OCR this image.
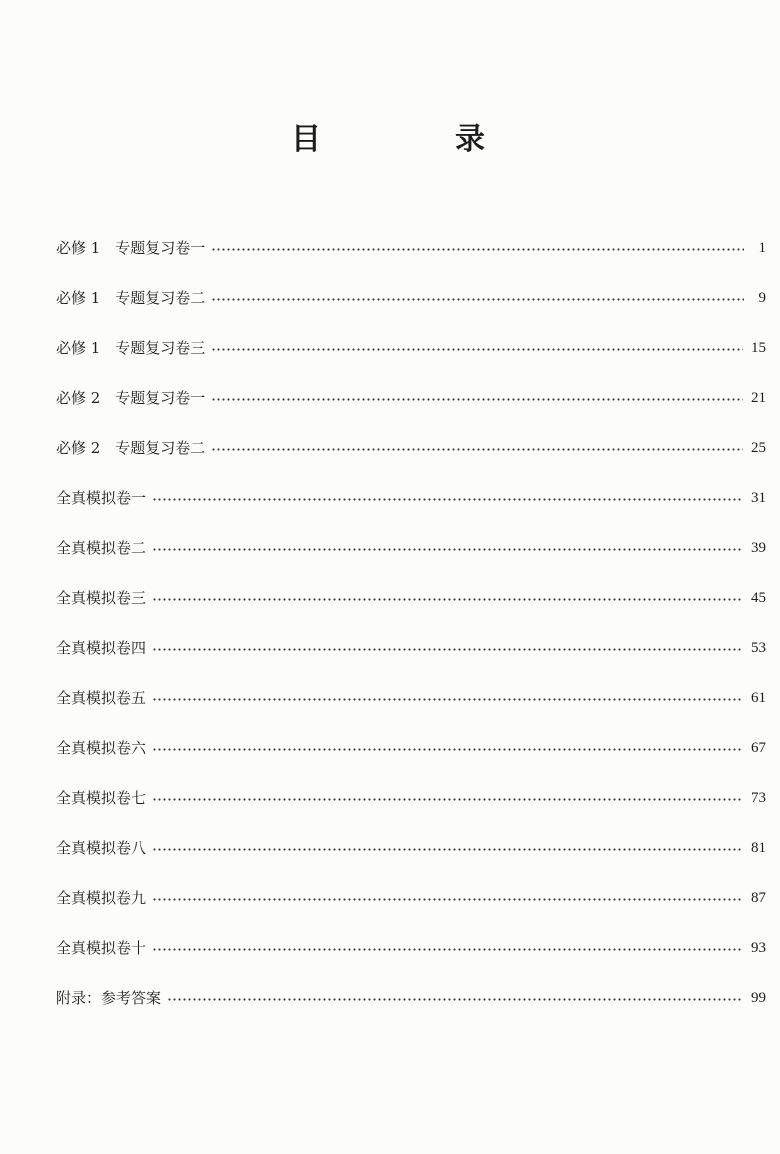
目　录
必修 1　专题复习卷一	1
必修 1　专题复习卷二	9
必修 1　专题复习卷三	15
必修 2　专题复习卷一	21
必修 2　专题复习卷二	25
全真模拟卷一	31
全真模拟卷二	39
全真模拟卷三	45
全真模拟卷四	53
全真模拟卷五	61
全真模拟卷六	67
全真模拟卷七	73
全真模拟卷八	81
全真模拟卷九	87
全真模拟卷十	93
附录：参考答案	99
